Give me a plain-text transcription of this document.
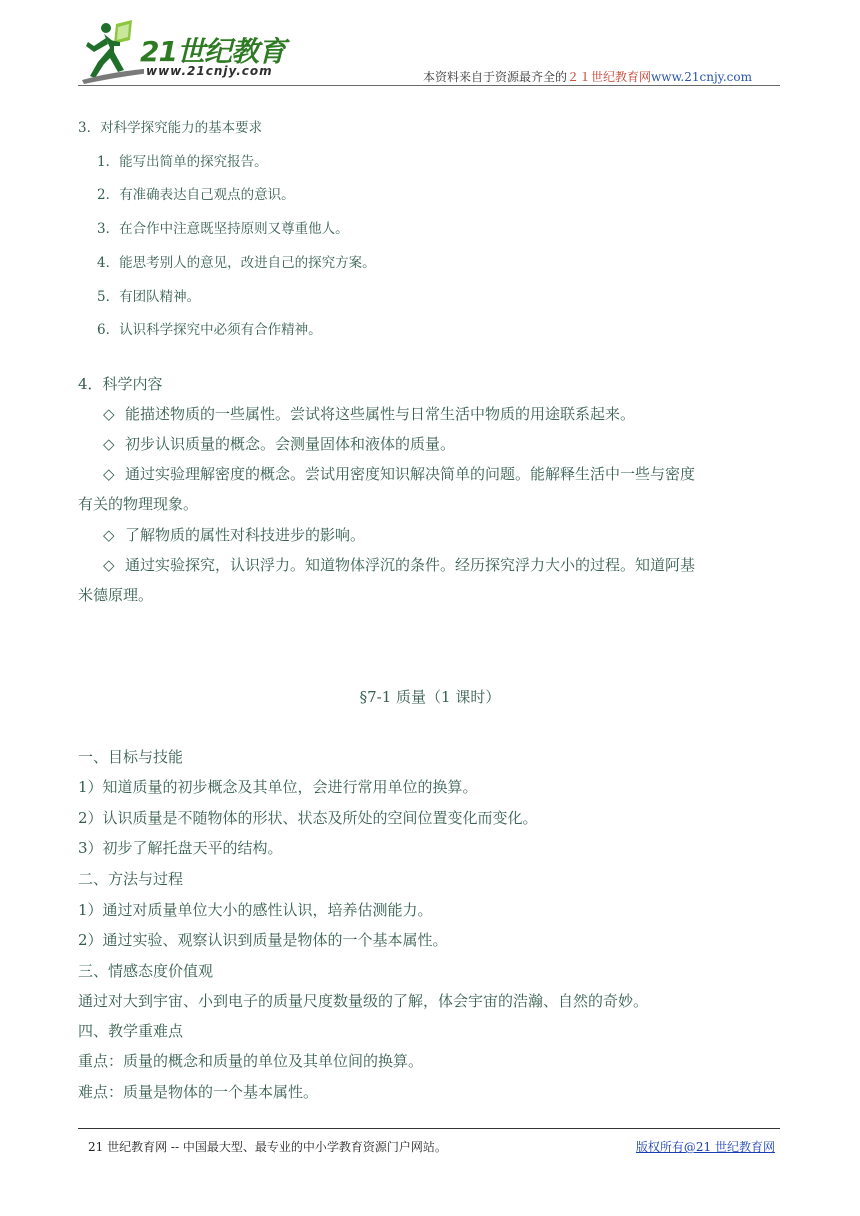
21世纪教育
www.21cnjy.com	本资料来自于资源最齐全的２１世纪教育网www.21cnjy.com
3．对科学探究能力的基本要求
1．能写出简单的探究报告。
2．有准确表达自己观点的意识。
3．在合作中注意既坚持原则又尊重他人。
4．能思考别人的意见，改进自己的探究方案。
5．有团队精神。
6．认识科学探究中必须有合作精神。
4．科学内容
◇ 能描述物质的一些属性。尝试将这些属性与日常生活中物质的用途联系起来。
◇ 初步认识质量的概念。会测量固体和液体的质量。
◇ 通过实验理解密度的概念。尝试用密度知识解决简单的问题。能解释生活中一些与密度
有关的物理现象。
◇ 了解物质的属性对科技进步的影响。
◇ 通过实验探究，认识浮力。知道物体浮沉的条件。经历探究浮力大小的过程。知道阿基
米德原理。
§7-1 质量（1 课时）
一、目标与技能
1）知道质量的初步概念及其单位，会进行常用单位的换算。
2）认识质量是不随物体的形状、状态及所处的空间位置变化而变化。
3）初步了解托盘天平的结构。
二、方法与过程
1）通过对质量单位大小的感性认识，培养估测能力。
2）通过实验、观察认识到质量是物体的一个基本属性。
三、情感态度价值观
通过对大到宇宙、小到电子的质量尺度数量级的了解，体会宇宙的浩瀚、自然的奇妙。
四、教学重难点
重点：质量的概念和质量的单位及其单位间的换算。
难点：质量是物体的一个基本属性。
21 世纪教育网 -- 中国最大型、最专业的中小学教育资源门户网站。	版权所有@21 世纪教育网
